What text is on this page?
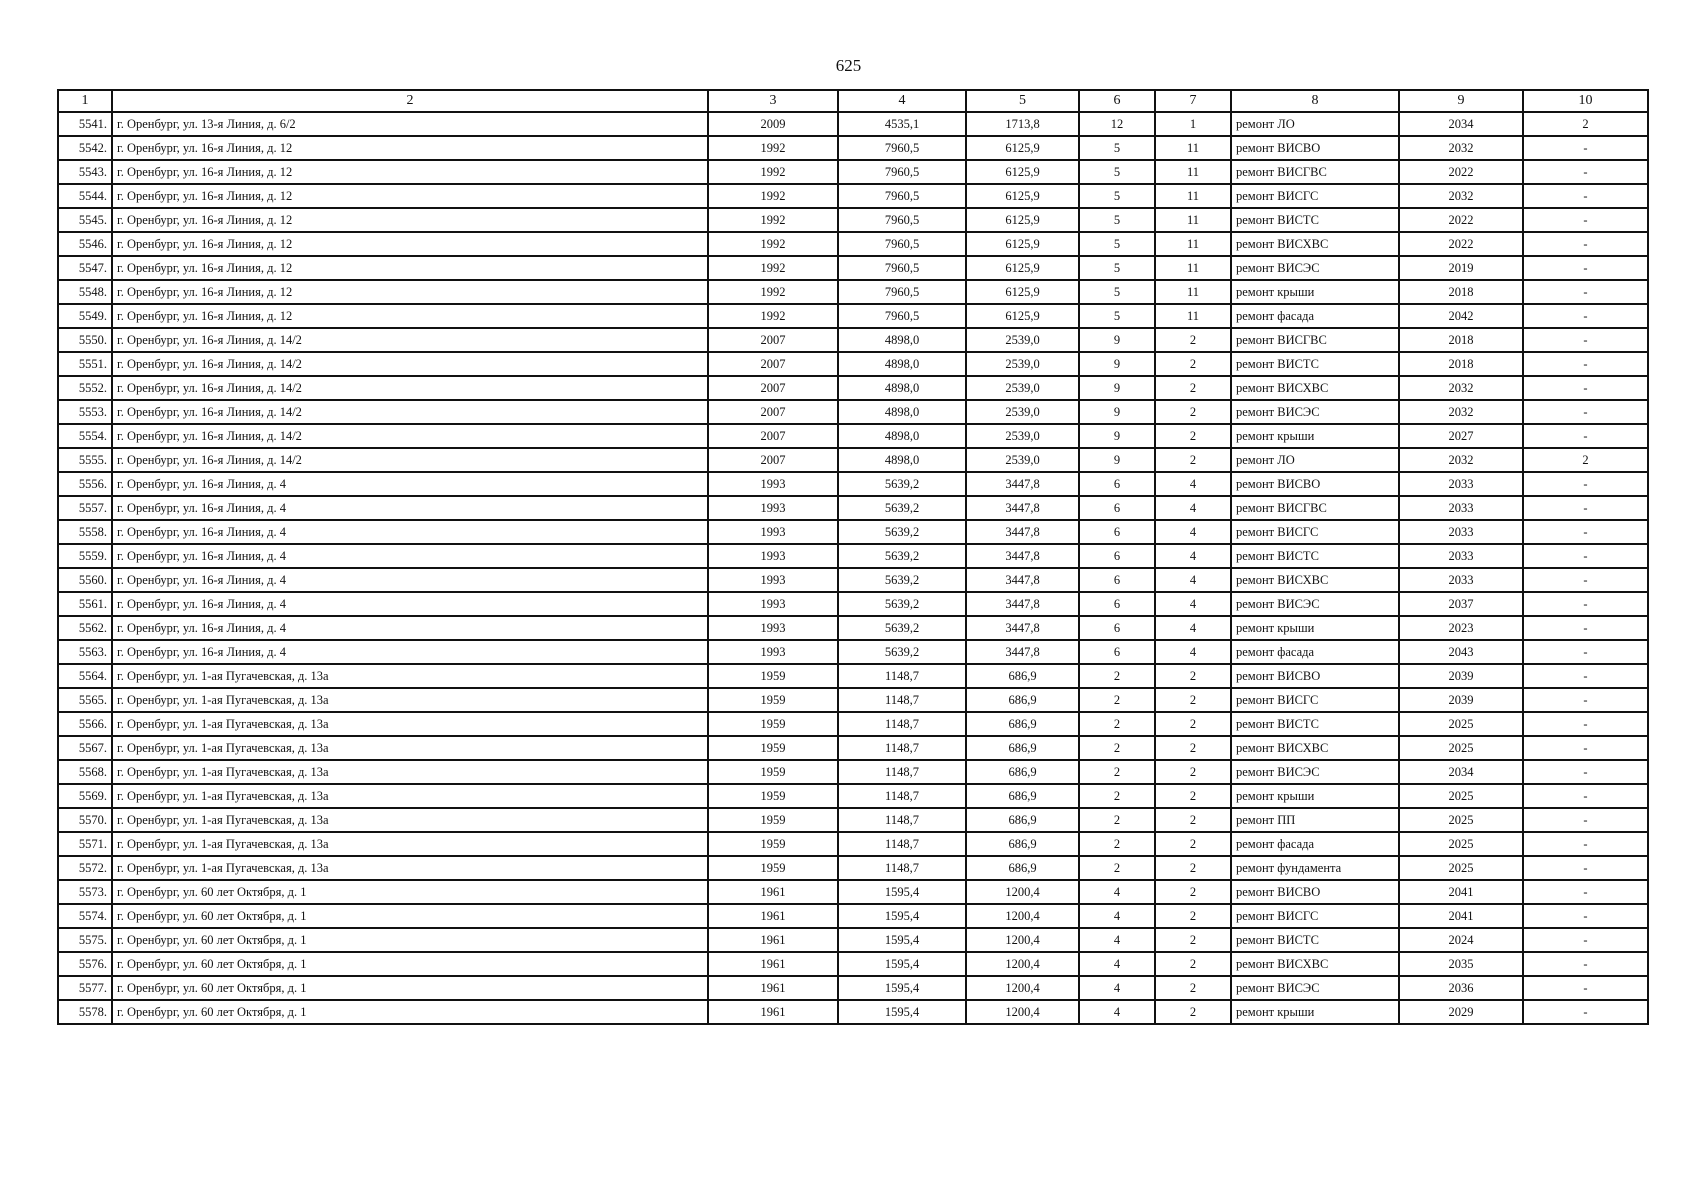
625
1	2	3	4	5	6	7	8	9	10
5541.	г. Оренбург, ул. 13-я Линия, д. 6/2	2009	4535,1	1713,8	12	1	ремонт ЛО	2034	2
5542.	г. Оренбург, ул. 16-я Линия, д. 12	1992	7960,5	6125,9	5	11	ремонт ВИСВО	2032	-
5543.	г. Оренбург, ул. 16-я Линия, д. 12	1992	7960,5	6125,9	5	11	ремонт ВИСГВС	2022	-
5544.	г. Оренбург, ул. 16-я Линия, д. 12	1992	7960,5	6125,9	5	11	ремонт ВИСГС	2032	-
5545.	г. Оренбург, ул. 16-я Линия, д. 12	1992	7960,5	6125,9	5	11	ремонт ВИСТС	2022	-
5546.	г. Оренбург, ул. 16-я Линия, д. 12	1992	7960,5	6125,9	5	11	ремонт ВИСХВС	2022	-
5547.	г. Оренбург, ул. 16-я Линия, д. 12	1992	7960,5	6125,9	5	11	ремонт ВИСЭС	2019	-
5548.	г. Оренбург, ул. 16-я Линия, д. 12	1992	7960,5	6125,9	5	11	ремонт крыши	2018	-
5549.	г. Оренбург, ул. 16-я Линия, д. 12	1992	7960,5	6125,9	5	11	ремонт фасада	2042	-
5550.	г. Оренбург, ул. 16-я Линия, д. 14/2	2007	4898,0	2539,0	9	2	ремонт ВИСГВС	2018	-
5551.	г. Оренбург, ул. 16-я Линия, д. 14/2	2007	4898,0	2539,0	9	2	ремонт ВИСТС	2018	-
5552.	г. Оренбург, ул. 16-я Линия, д. 14/2	2007	4898,0	2539,0	9	2	ремонт ВИСХВС	2032	-
5553.	г. Оренбург, ул. 16-я Линия, д. 14/2	2007	4898,0	2539,0	9	2	ремонт ВИСЭС	2032	-
5554.	г. Оренбург, ул. 16-я Линия, д. 14/2	2007	4898,0	2539,0	9	2	ремонт крыши	2027	-
5555.	г. Оренбург, ул. 16-я Линия, д. 14/2	2007	4898,0	2539,0	9	2	ремонт ЛО	2032	2
5556.	г. Оренбург, ул. 16-я Линия, д. 4	1993	5639,2	3447,8	6	4	ремонт ВИСВО	2033	-
5557.	г. Оренбург, ул. 16-я Линия, д. 4	1993	5639,2	3447,8	6	4	ремонт ВИСГВС	2033	-
5558.	г. Оренбург, ул. 16-я Линия, д. 4	1993	5639,2	3447,8	6	4	ремонт ВИСГС	2033	-
5559.	г. Оренбург, ул. 16-я Линия, д. 4	1993	5639,2	3447,8	6	4	ремонт ВИСТС	2033	-
5560.	г. Оренбург, ул. 16-я Линия, д. 4	1993	5639,2	3447,8	6	4	ремонт ВИСХВС	2033	-
5561.	г. Оренбург, ул. 16-я Линия, д. 4	1993	5639,2	3447,8	6	4	ремонт ВИСЭС	2037	-
5562.	г. Оренбург, ул. 16-я Линия, д. 4	1993	5639,2	3447,8	6	4	ремонт крыши	2023	-
5563.	г. Оренбург, ул. 16-я Линия, д. 4	1993	5639,2	3447,8	6	4	ремонт фасада	2043	-
5564.	г. Оренбург, ул. 1-ая Пугачевская, д. 13а	1959	1148,7	686,9	2	2	ремонт ВИСВО	2039	-
5565.	г. Оренбург, ул. 1-ая Пугачевская, д. 13а	1959	1148,7	686,9	2	2	ремонт ВИСГС	2039	-
5566.	г. Оренбург, ул. 1-ая Пугачевская, д. 13а	1959	1148,7	686,9	2	2	ремонт ВИСТС	2025	-
5567.	г. Оренбург, ул. 1-ая Пугачевская, д. 13а	1959	1148,7	686,9	2	2	ремонт ВИСХВС	2025	-
5568.	г. Оренбург, ул. 1-ая Пугачевская, д. 13а	1959	1148,7	686,9	2	2	ремонт ВИСЭС	2034	-
5569.	г. Оренбург, ул. 1-ая Пугачевская, д. 13а	1959	1148,7	686,9	2	2	ремонт крыши	2025	-
5570.	г. Оренбург, ул. 1-ая Пугачевская, д. 13а	1959	1148,7	686,9	2	2	ремонт ПП	2025	-
5571.	г. Оренбург, ул. 1-ая Пугачевская, д. 13а	1959	1148,7	686,9	2	2	ремонт фасада	2025	-
5572.	г. Оренбург, ул. 1-ая Пугачевская, д. 13а	1959	1148,7	686,9	2	2	ремонт фундамента	2025	-
5573.	г. Оренбург, ул. 60 лет Октября, д. 1	1961	1595,4	1200,4	4	2	ремонт ВИСВО	2041	-
5574.	г. Оренбург, ул. 60 лет Октября, д. 1	1961	1595,4	1200,4	4	2	ремонт ВИСГС	2041	-
5575.	г. Оренбург, ул. 60 лет Октября, д. 1	1961	1595,4	1200,4	4	2	ремонт ВИСТС	2024	-
5576.	г. Оренбург, ул. 60 лет Октября, д. 1	1961	1595,4	1200,4	4	2	ремонт ВИСХВС	2035	-
5577.	г. Оренбург, ул. 60 лет Октября, д. 1	1961	1595,4	1200,4	4	2	ремонт ВИСЭС	2036	-
5578.	г. Оренбург, ул. 60 лет Октября, д. 1	1961	1595,4	1200,4	4	2	ремонт крыши	2029	-
